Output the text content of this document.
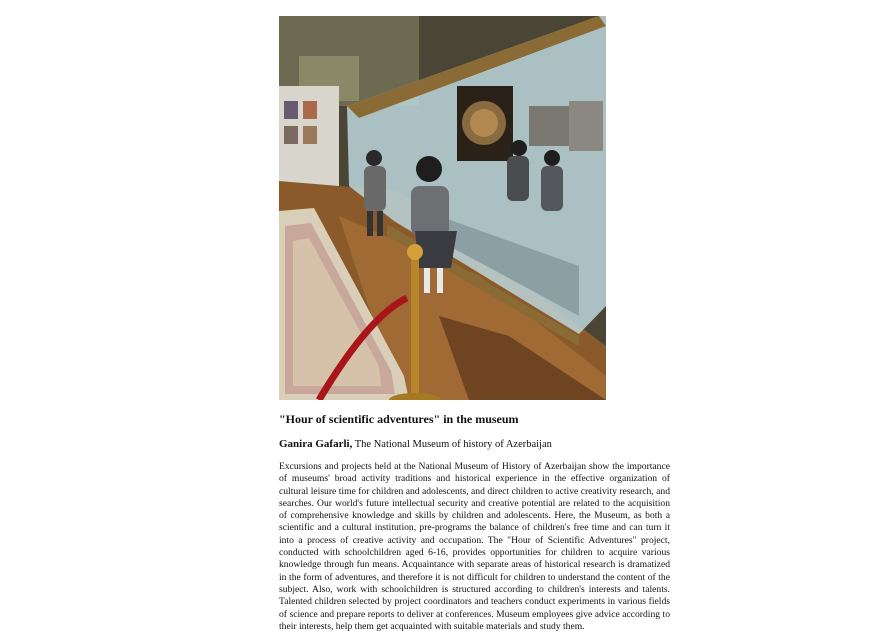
"Hour of scientific adventures" in the museum

Ganira Gafarli, The National Museum of history of Azerbaijan

Excursions and projects held at the National Museum of History of Azerbaijan show the importance of museums' broad activity traditions and historical experience in the effective organization of cultural leisure time for children and adolescents, and direct children to active creativity research, and searches. Our world's future intellectual security and creative potential are related to the acquisition of comprehensive knowledge and skills by children and adolescents. Here, the Museum, as both a scientific and a cultural institution, pre-programs the balance of children's free time and can turn it into a process of creative activity and occupation. The "Hour of Scientific Adventures" project, conducted with schoolchildren aged 6-16, provides opportunities for children to acquire various knowledge through fun means. Acquaintance with separate areas of historical research is dramatized in the form of adventures, and therefore it is not difficult for children to understand the content of the subject. Also, work with schoolchildren is structured according to children's interests and talents. Talented children selected by project coordinators and teachers conduct experiments in various fields of science and prepare reports to deliver at conferences. Museum employees give advice according to their interests, help them get acquainted with suitable materials and study them.
